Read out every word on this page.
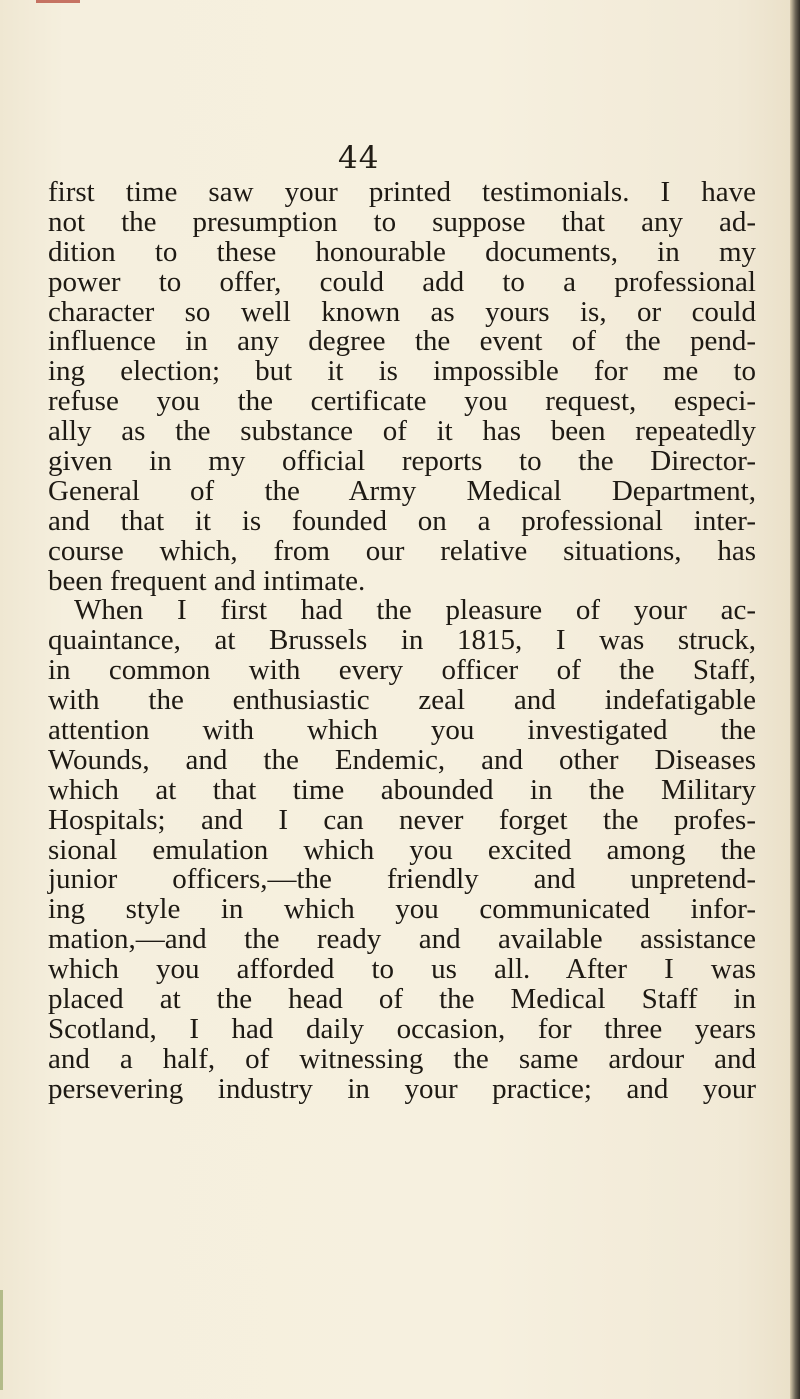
44
first time saw your printed testimonials. I have
not the presumption to suppose that any ad-
dition to these honourable documents, in my
power to offer, could add to a professional
character so well known as yours is, or could
influence in any degree the event of the pend-
ing election; but it is impossible for me to
refuse you the certificate you request, especi-
ally as the substance of it has been repeatedly
given in my official reports to the Director-
General of the Army Medical Department,
and that it is founded on a professional inter-
course which, from our relative situations, has
been frequent and intimate.
When I first had the pleasure of your ac-
quaintance, at Brussels in 1815, I was struck,
in common with every officer of the Staff,
with the enthusiastic zeal and indefatigable
attention with which you investigated the
Wounds, and the Endemic, and other Diseases
which at that time abounded in the Military
Hospitals; and I can never forget the profes-
sional emulation which you excited among the
junior officers,—the friendly and unpretend-
ing style in which you communicated infor-
mation,—and the ready and available assistance
which you afforded to us all. After I was
placed at the head of the Medical Staff in
Scotland, I had daily occasion, for three years
and a half, of witnessing the same ardour and
persevering industry in your practice; and your
